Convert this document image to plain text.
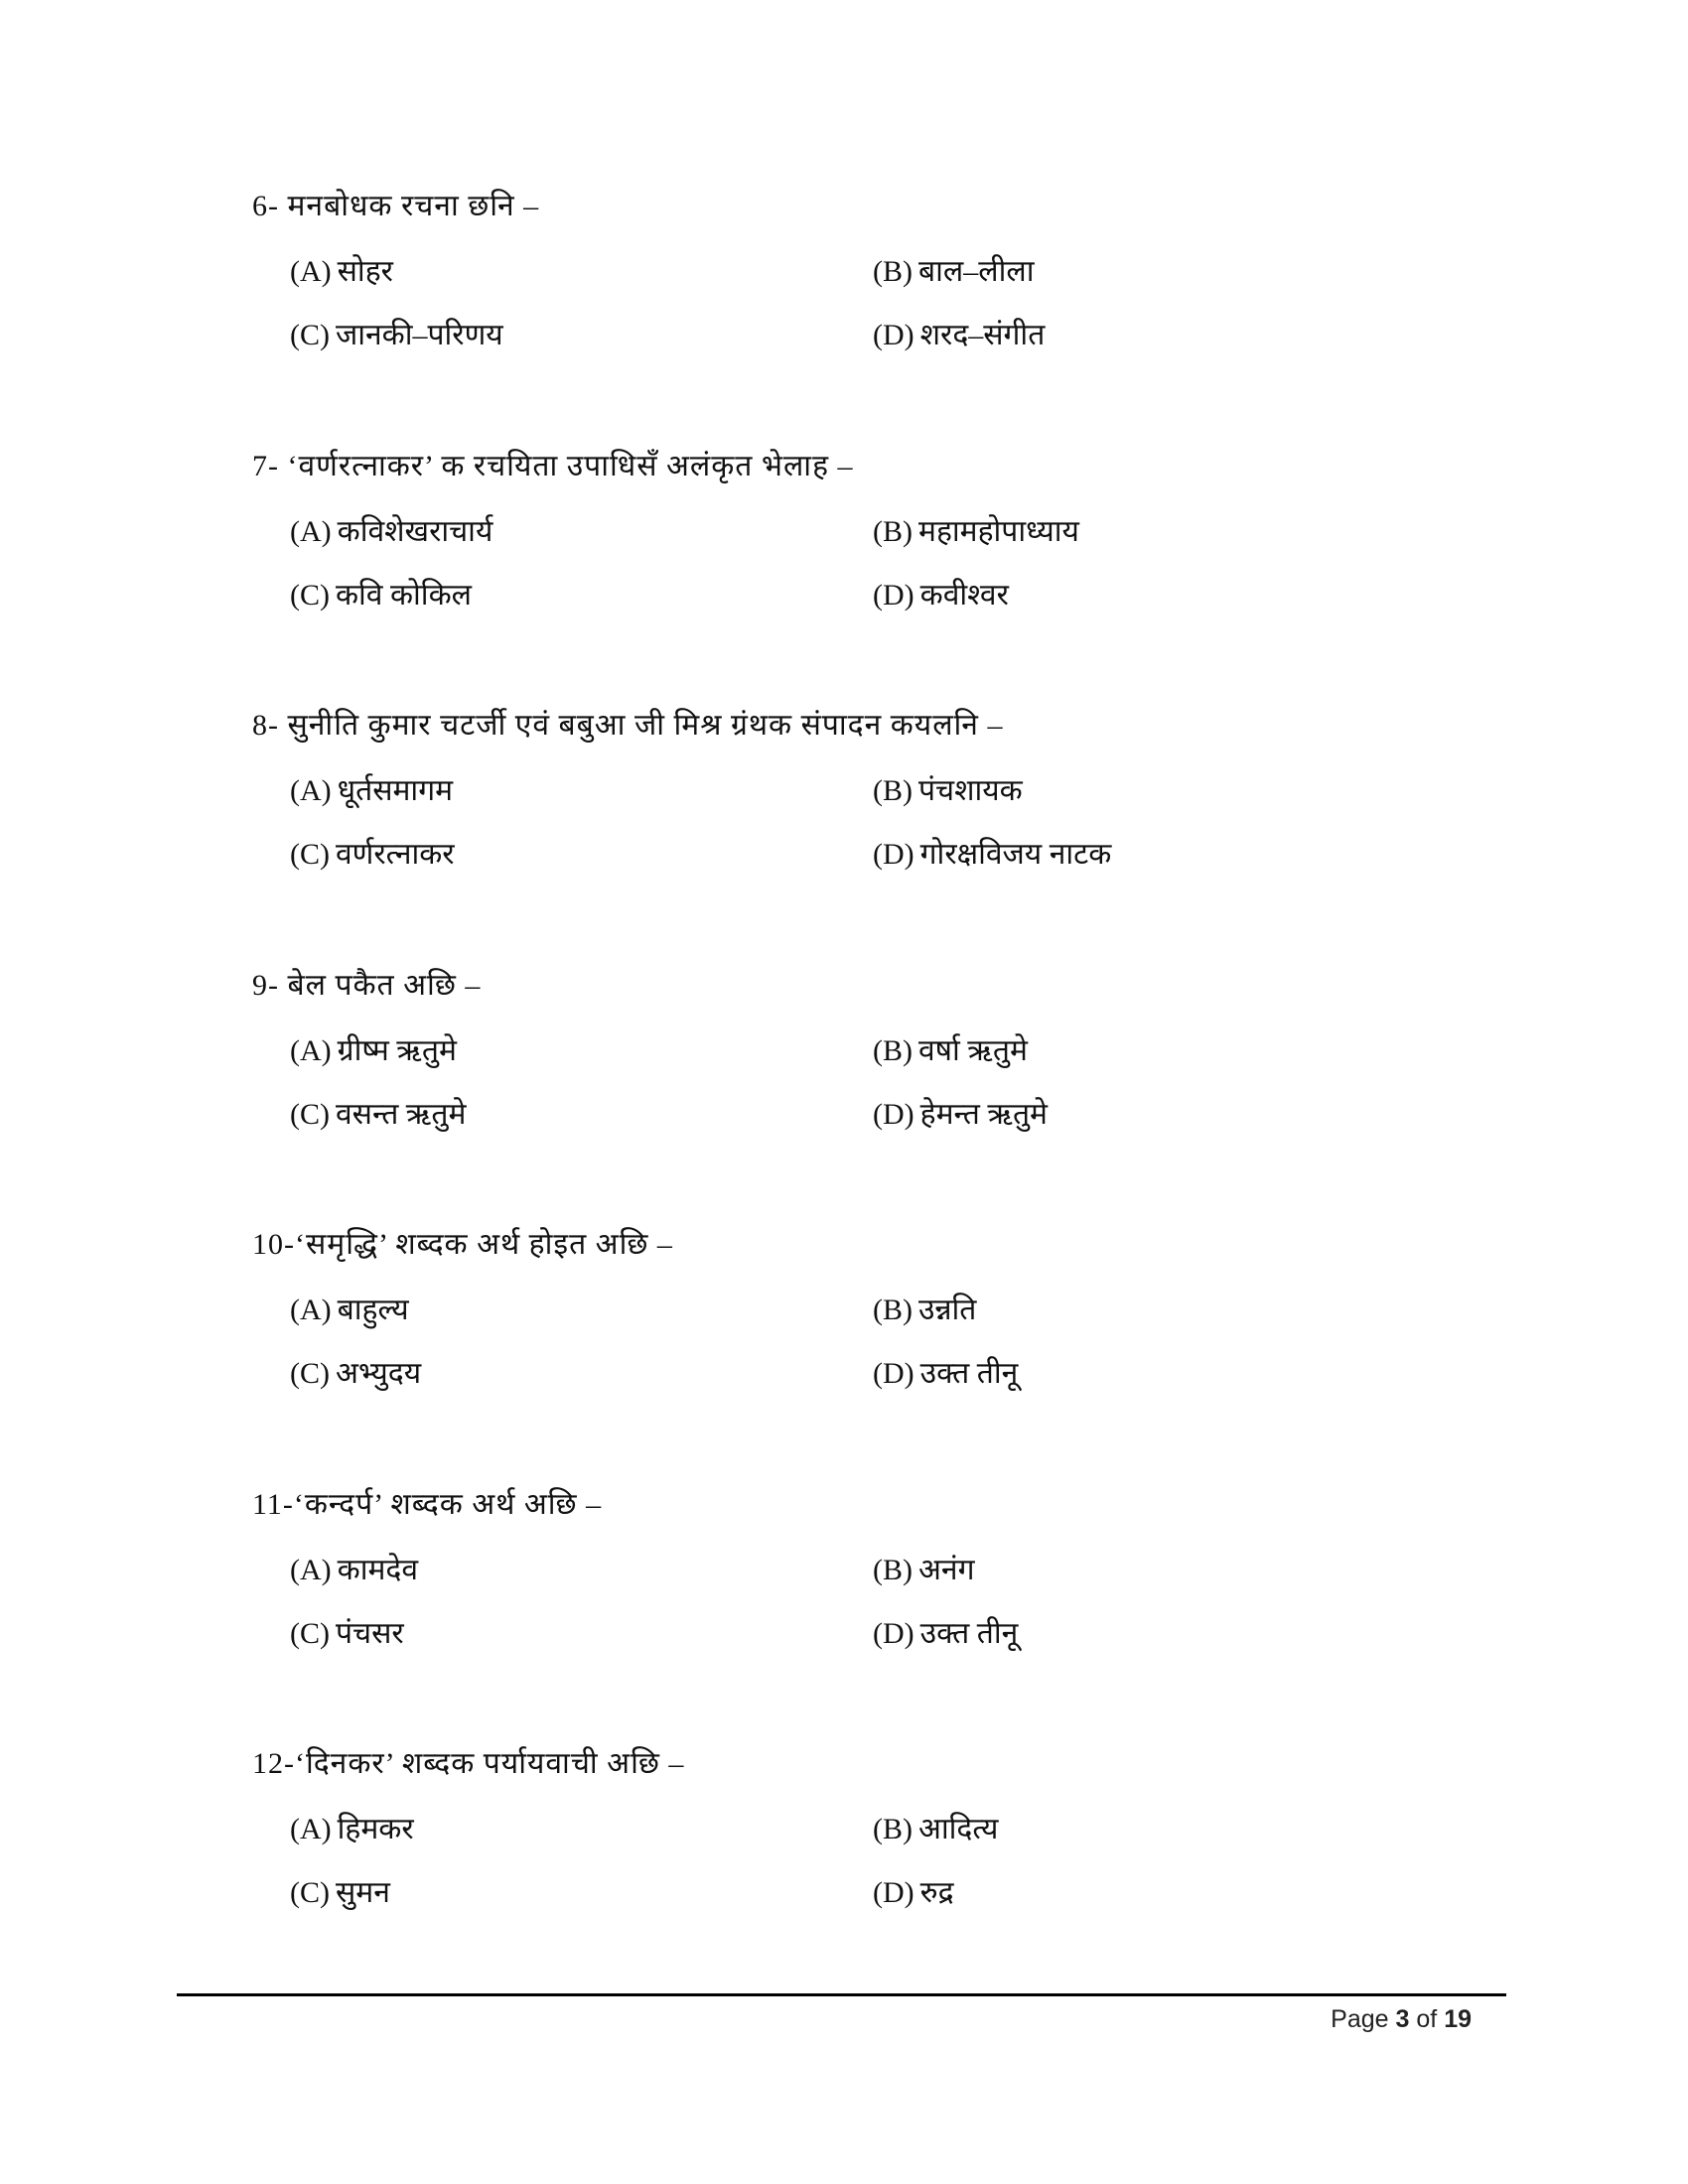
6- मनबोधक रचना छनि –
(A) सोहर	(B) बाल–लीला
(C) जानकी–परिणय	(D) शरद–संगीत
7- ‘वर्णरत्नाकर’ क रचयिता उपाधिसँ अलंकृत भेलाह –
(A) कविशेखराचार्य	(B) महामहोपाध्याय
(C) कवि कोकिल	(D) कवीश्वर
8- सुनीति कुमार चटर्जी एवं बबुआ जी मिश्र ग्रंथक संपादन कयलनि –
(A) धूर्तसमागम	(B) पंचशायक
(C) वर्णरत्नाकर	(D) गोरक्षविजय नाटक
9- बेल पकैत अछि –
(A) ग्रीष्म ऋतुमे	(B) वर्षा ऋतुमे
(C) वसन्त ऋतुमे	(D) हेमन्त ऋतुमे
10-‘समृद्धि’ शब्दक अर्थ होइत अछि –
(A) बाहुल्य	(B) उन्नति
(C) अभ्युदय	(D) उक्त तीनू
11-‘कन्दर्प’ शब्दक अर्थ अछि –
(A) कामदेव	(B) अनंग
(C) पंचसर	(D) उक्त तीनू
12-‘दिनकर’ शब्दक पर्यायवाची अछि –
(A) हिमकर	(B) आदित्य
(C) सुमन	(D) रुद्र
Page 3 of 19
